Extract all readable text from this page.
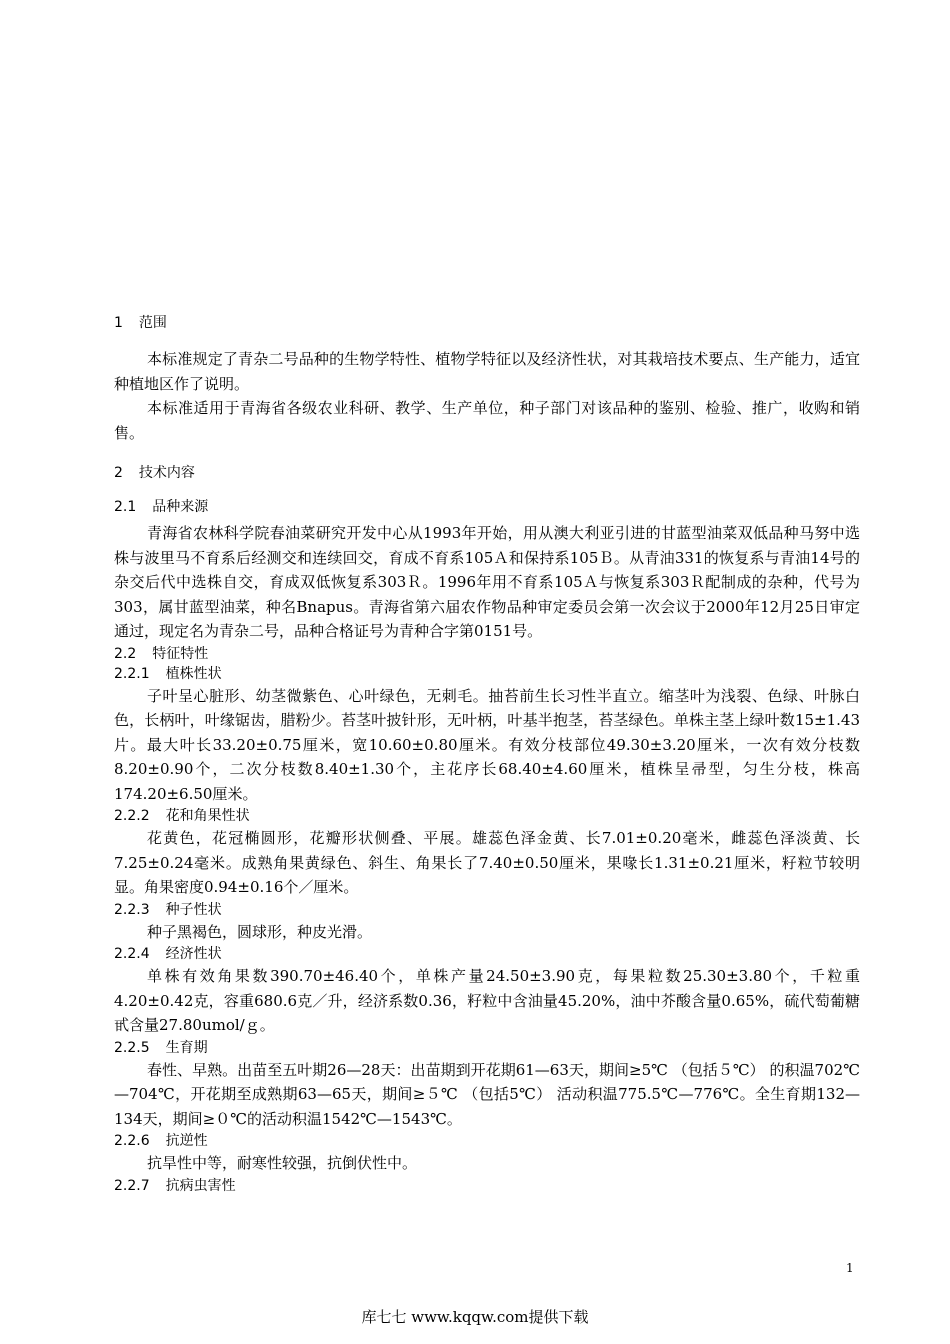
1 范围

本标准规定了青杂二号品种的生物学特性、植物学特征以及经济性状，对其栽培技术要点、生产能力，适宜种植地区作了说明。

本标准适用于青海省各级农业科研、教学、生产单位，种子部门对该品种的鉴别、检验、推广，收购和销售。

2 技术内容

2.1 品种来源

青海省农林科学院春油菜研究开发中心从1993年开始，用从澳大利亚引进的甘蓝型油菜双低品种马努中选株与波里马不育系后经测交和连续回交，育成不育系105Ａ和保持系105Ｂ。从青油331的恢复系与青油14号的杂交后代中选株自交，育成双低恢复系303Ｒ。1996年用不育系105Ａ与恢复系303Ｒ配制成的杂种，代号为303，属甘蓝型油菜，种名Bnapus。青海省第六届农作物品种审定委员会第一次会议于2000年12月25日审定通过，现定名为青杂二号，品种合格证号为青种合字第0151号。

2.2 特征特性

2.2.1 植株性状

子叶呈心脏形、幼茎微紫色、心叶绿色，无刺毛。抽苔前生长习性半直立。缩茎叶为浅裂、色绿、叶脉白色，长柄叶，叶缘锯齿，腊粉少。苔茎叶披针形，无叶柄，叶基半抱茎，苔茎绿色。单株主茎上绿叶数15±1.43片。最大叶长33.20±0.75厘米，宽10.60±0.80厘米。有效分枝部位49.30±3.20厘米，一次有效分枝数8.20±0.90个，二次分枝数8.40±1.30个，主花序长68.40±4.60厘米，植株呈帚型，匀生分枝，株高174.20±6.50厘米。

2.2.2 花和角果性状

花黄色，花冠椭圆形，花瓣形状侧叠、平展。雄蕊色泽金黄、长7.01±0.20毫米，雌蕊色泽淡黄、长7.25±0.24毫米。成熟角果黄绿色、斜生、角果长了7.40±0.50厘米，果喙长1.31±0.21厘米，籽粒节较明显。角果密度0.94±0.16个／厘米。

2.2.3 种子性状

种子黑褐色，圆球形，种皮光滑。

2.2.4 经济性状

单株有效角果数390.70±46.40个，单株产量24.50±3.90克，每果粒数25.30±3.80个，千粒重4.20±0.42克，容重680.6克／升，经济系数0.36，籽粒中含油量45.20%，油中芥酸含量0.65%，硫代萄葡糖甙含量27.80umol/ｇ。

2.2.5 生育期

春性、早熟。出苗至五叶期26—28天：出苗期到开花期61—63天，期间≥5℃ （包括５℃） 的积温702℃—704℃，开花期至成熟期63—65天，期间≥５℃ （包括5℃） 活动积温775.5℃—776℃。全生育期132—134天，期间≥０℃的活动积温1542℃—1543℃。

2.2.6 抗逆性

抗旱性中等，耐寒性较强，抗倒伏性中。

2.2.7 抗病虫害性

1
库七七 www.kqqw.com提供下载
